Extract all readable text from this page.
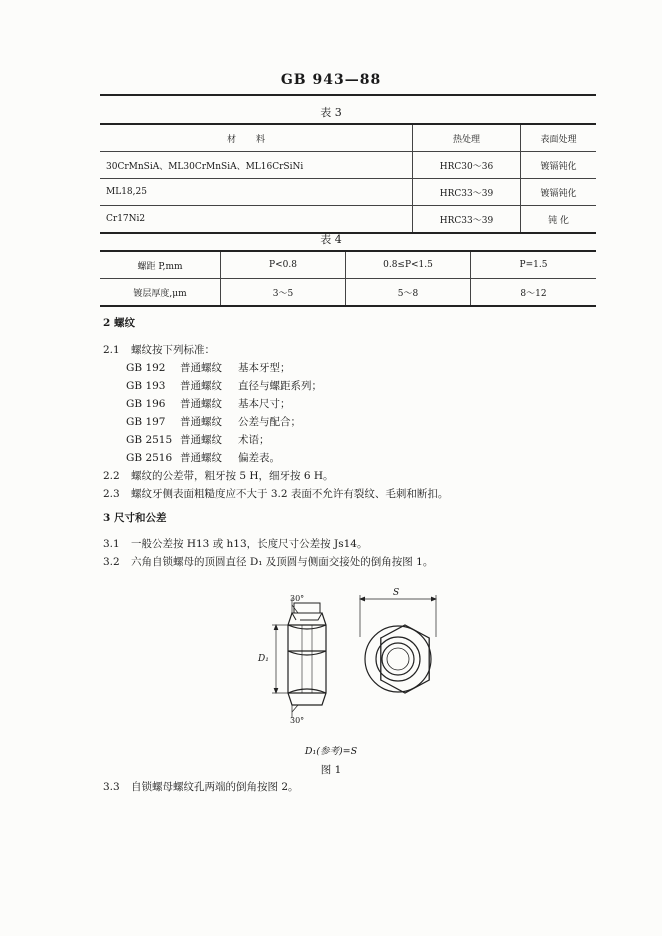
GB 943—88
表 3
材料	热处理	表面处理
30CrMnSiA、ML30CrMnSiA、ML16CrSiNi	HRC30～36	镀镉钝化
ML18,25	HRC33～39	镀镉钝化
Cr17Ni2	HRC33～39	钝 化
表 4
螺距 P,mm	P<0.8	0.8≤P<1.5	P=1.5
镀层厚度,μm	3～5	5～8	8～12
2 螺纹
2.1 螺纹按下列标准：
GB 192 普通螺纹 基本牙型；
GB 193 普通螺纹 直径与螺距系列；
GB 196 普通螺纹 基本尺寸；
GB 197 普通螺纹 公差与配合；
GB 2515 普通螺纹 术语；
GB 2516 普通螺纹 偏差表。
2.2 螺纹的公差带，粗牙按 5 H，细牙按 6 H。
2.3 螺纹牙侧表面粗糙度应不大于 3.2 表面不允许有裂纹、毛刺和断扣。
3 尺寸和公差
3.1 一般公差按 H13 或 h13，长度尺寸公差按 Js14。
3.2 六角自锁螺母的顶圆直径 D₁ 及顶圆与侧面交接处的倒角按图 1。
30°
30°
D₁
S
D₁(参考)=S
图 1
3.3 自锁螺母螺纹孔两端的倒角按图 2。
